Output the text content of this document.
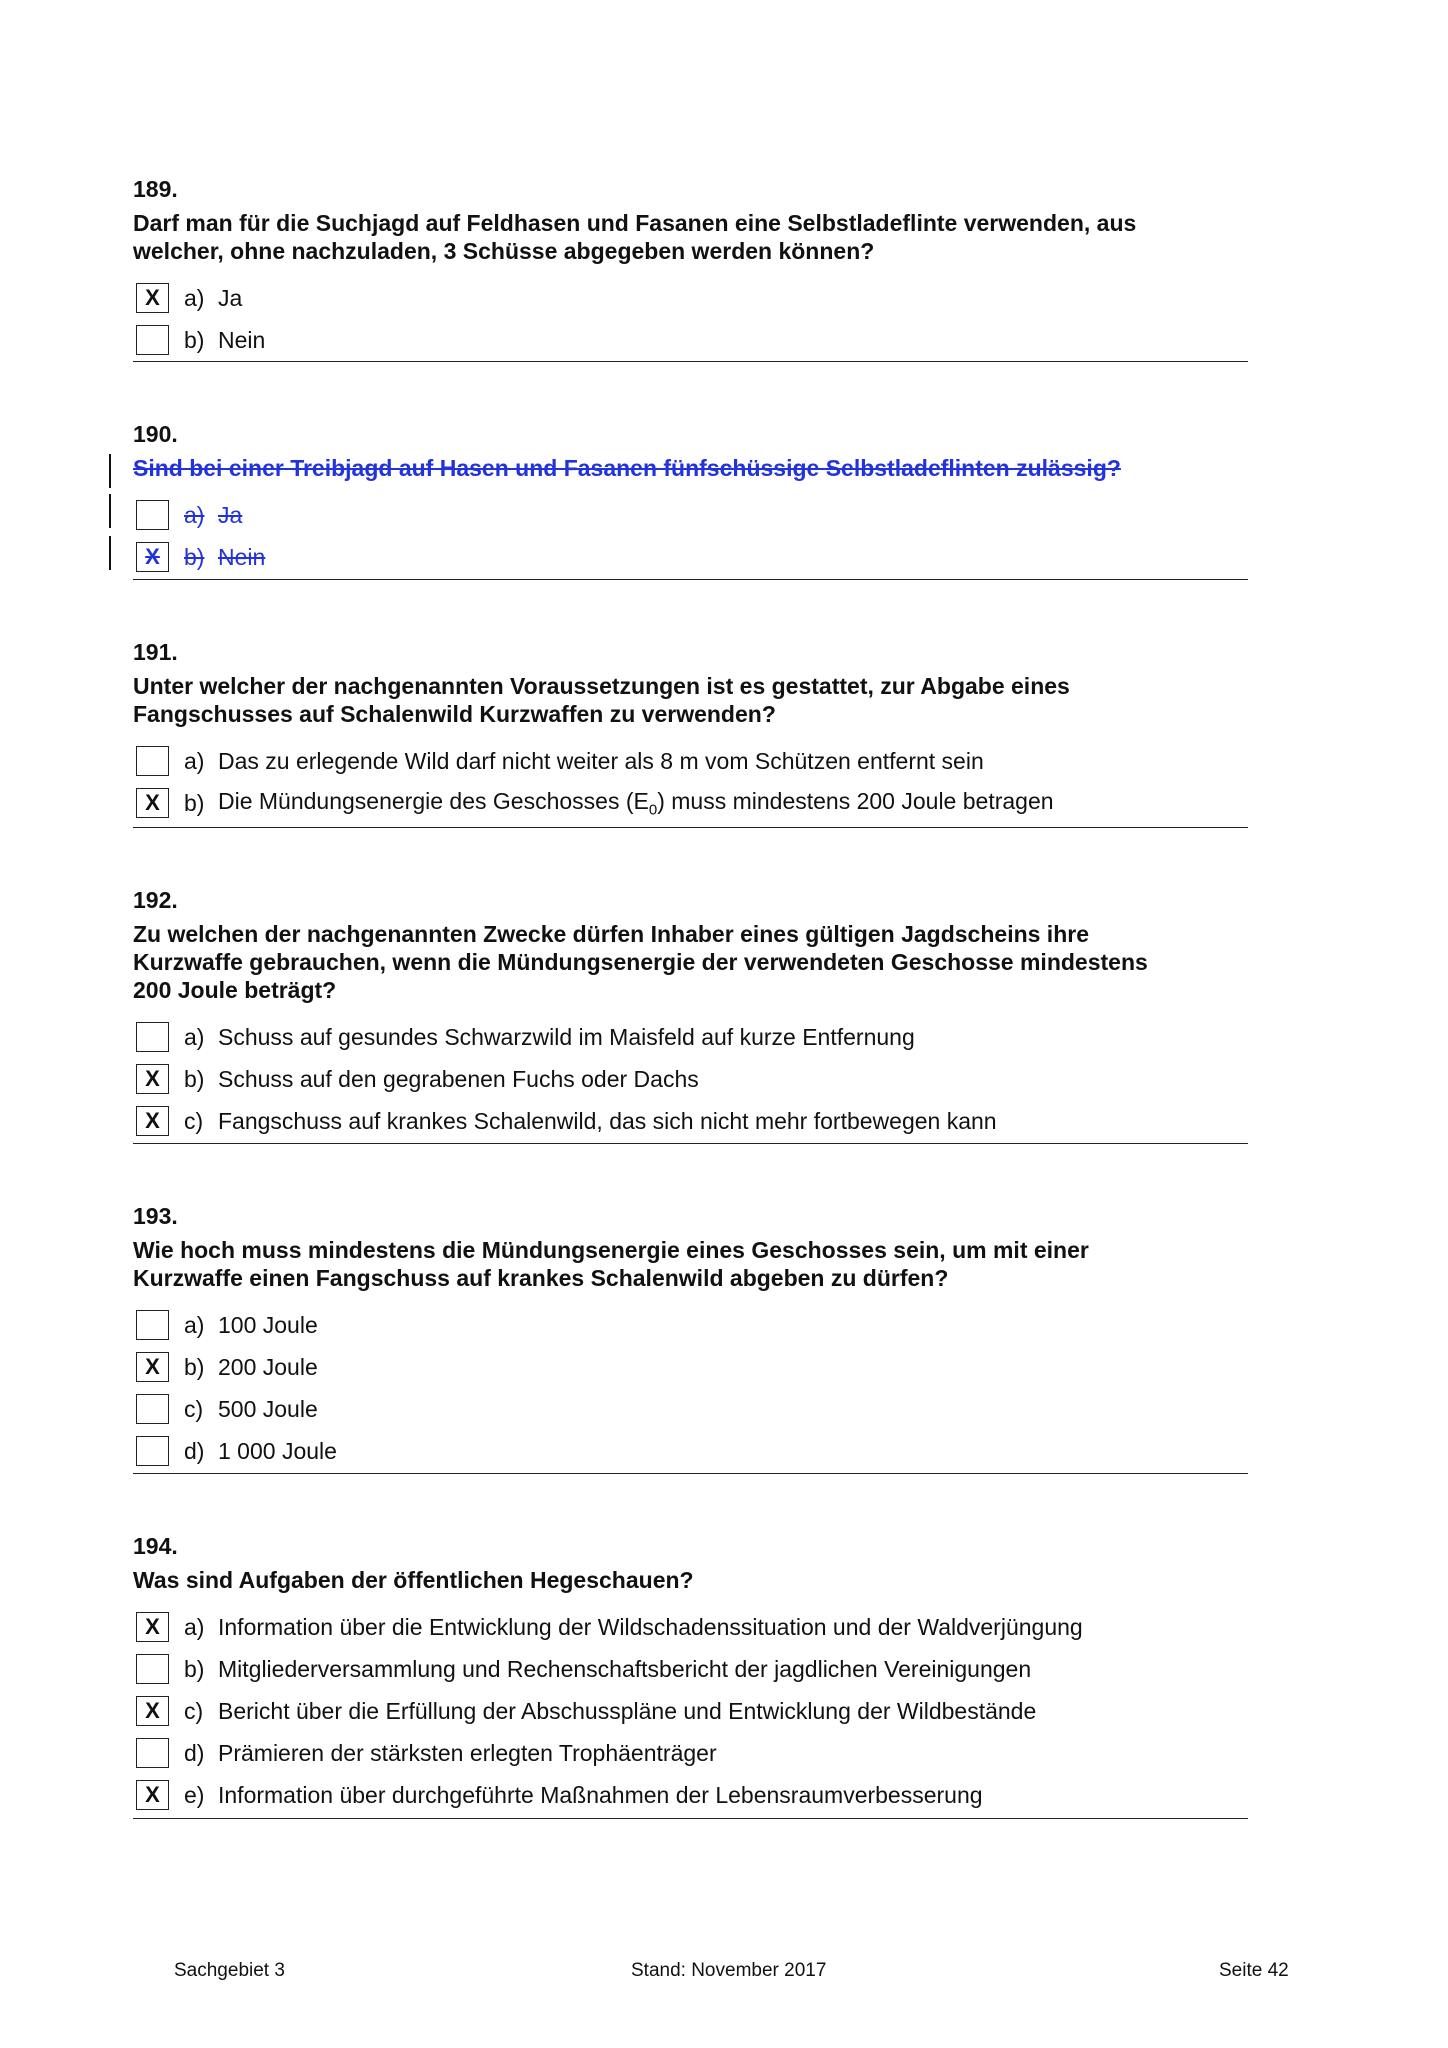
189.
Darf man für die Suchjagd auf Feldhasen und Fasanen eine Selbstladeflinte verwenden, aus
welcher, ohne nachzuladen, 3 Schüsse abgegeben werden können?
X	a) Ja
b) Nein
190.
Sind bei einer Treibjagd auf Hasen und Fasanen fünfschüssige Selbstladeflinten zulässig?
a) Ja
X	b) Nein
191.
Unter welcher der nachgenannten Voraussetzungen ist es gestattet, zur Abgabe eines
Fangschusses auf Schalenwild Kurzwaffen zu verwenden?
a) Das zu erlegende Wild darf nicht weiter als 8 m vom Schützen entfernt sein
X	b) Die Mündungsenergie des Geschosses $(E_0)$ muss mindestens 200 Joule betragen
192.
Zu welchen der nachgenannten Zwecke dürfen Inhaber eines gültigen Jagdscheins ihre
Kurzwaffe gebrauchen, wenn die Mündungsenergie der verwendeten Geschosse mindestens
200 Joule beträgt?
a) Schuss auf gesundes Schwarzwild im Maisfeld auf kurze Entfernung
X	b) Schuss auf den gegrabenen Fuchs oder Dachs
X	c) Fangschuss auf krankes Schalenwild, das sich nicht mehr fortbewegen kann
193.
Wie hoch muss mindestens die Mündungsenergie eines Geschosses sein, um mit einer
Kurzwaffe einen Fangschuss auf krankes Schalenwild abgeben zu dürfen?
a) 100 Joule
X	b) 200 Joule
c) 500 Joule
d) 1 000 Joule
194.
Was sind Aufgaben der öffentlichen Hegeschauen?
X	a) Information über die Entwicklung der Wildschadenssituation und der Waldverjüngung
b) Mitgliederversammlung und Rechenschaftsbericht der jagdlichen Vereinigungen
X	c) Bericht über die Erfüllung der Abschusspläne und Entwicklung der Wildbestände
d) Prämieren der stärksten erlegten Trophäenträger
X	e) Information über durchgeführte Maßnahmen der Lebensraumverbesserung
Sachgebiet 3	Stand: November 2017	Seite 42
